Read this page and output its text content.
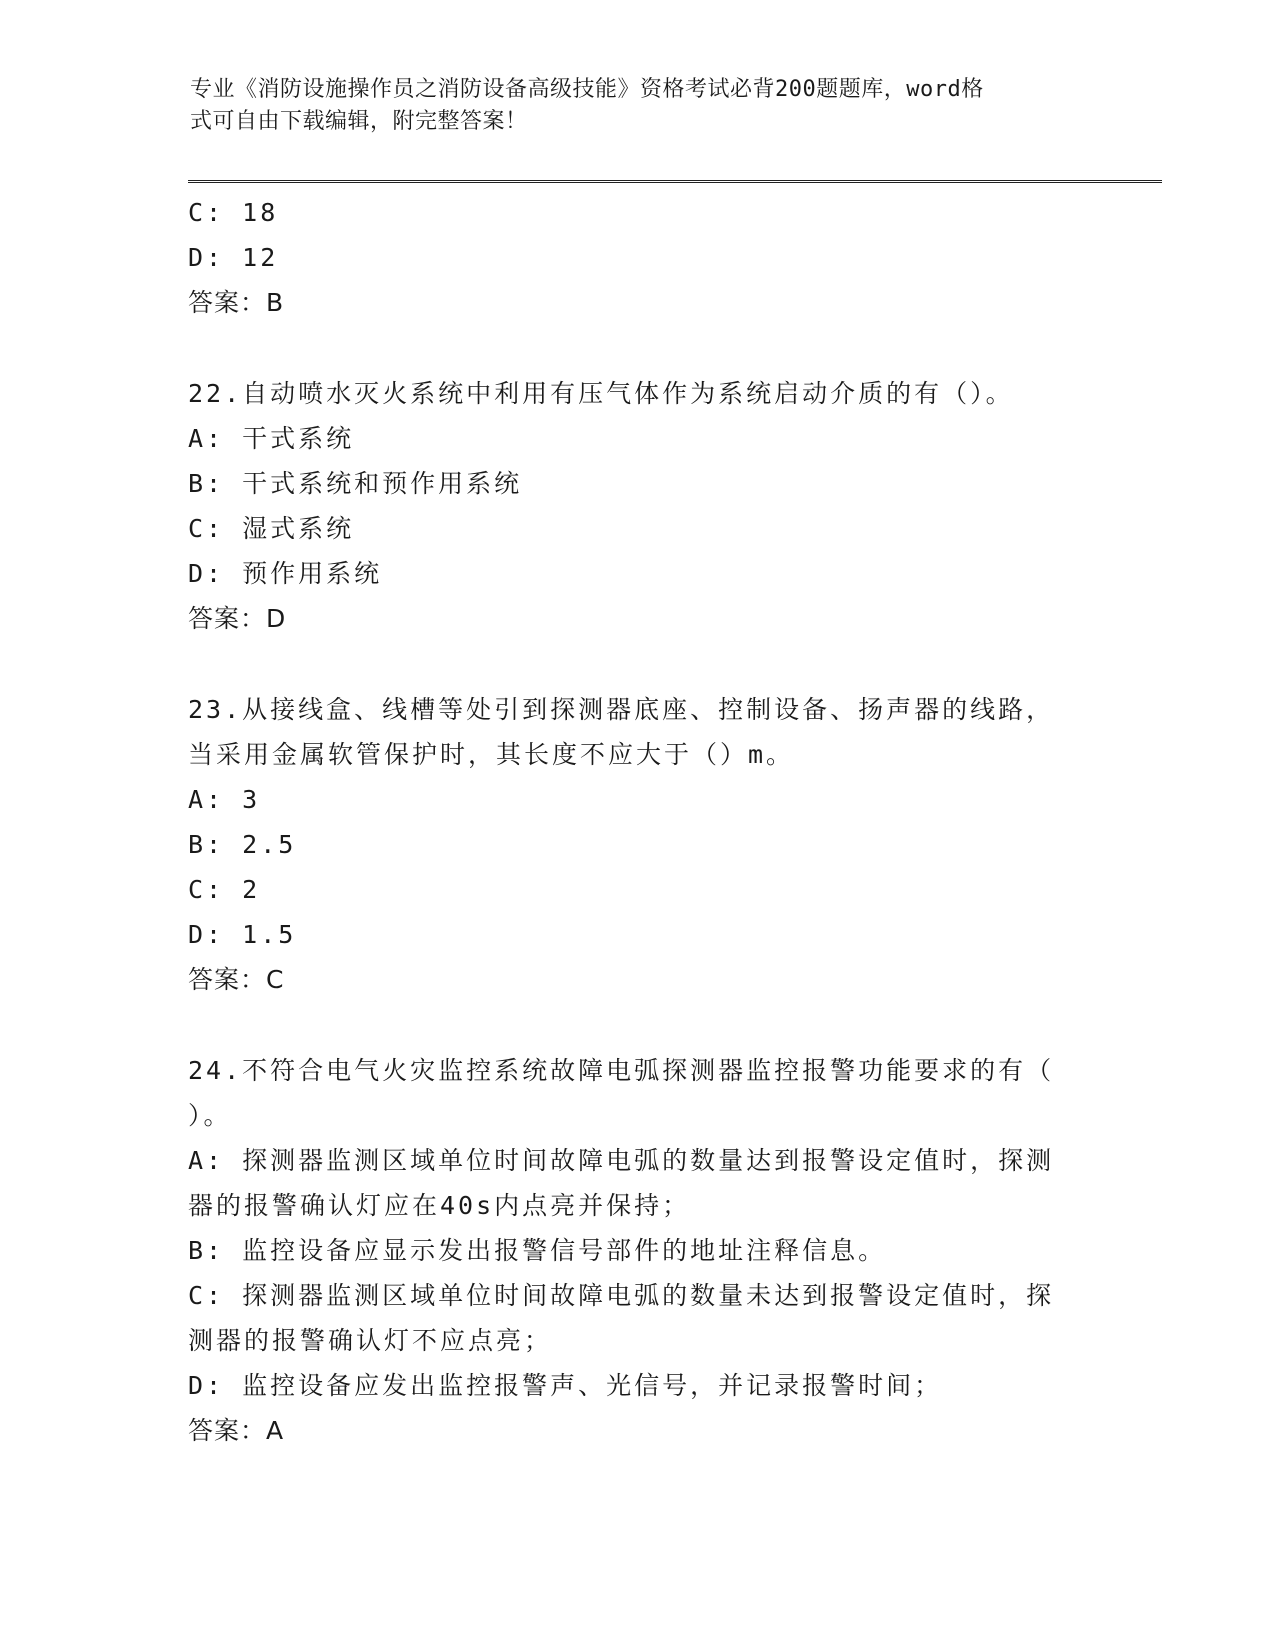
专业《消防设施操作员之消防设备高级技能》资格考试必背200题题库，word格
式可自由下载编辑，附完整答案！
C: 18
D: 12
答案：B
22.自动喷水灭火系统中利用有压气体作为系统启动介质的有（）。
A: 干式系统
B: 干式系统和预作用系统
C: 湿式系统
D: 预作用系统
答案：D
23.从接线盒、线槽等处引到探测器底座、控制设备、扬声器的线路，
当采用金属软管保护时，其长度不应大于（）m。
A: 3
B: 2.5
C: 2
D: 1.5
答案：C
24.不符合电气火灾监控系统故障电弧探测器监控报警功能要求的有（
）。
A: 探测器监测区域单位时间故障电弧的数量达到报警设定值时，探测
器的报警确认灯应在40s内点亮并保持；
B: 监控设备应显示发出报警信号部件的地址注释信息。
C: 探测器监测区域单位时间故障电弧的数量未达到报警设定值时，探
测器的报警确认灯不应点亮；
D: 监控设备应发出监控报警声、光信号，并记录报警时间；
答案：A
